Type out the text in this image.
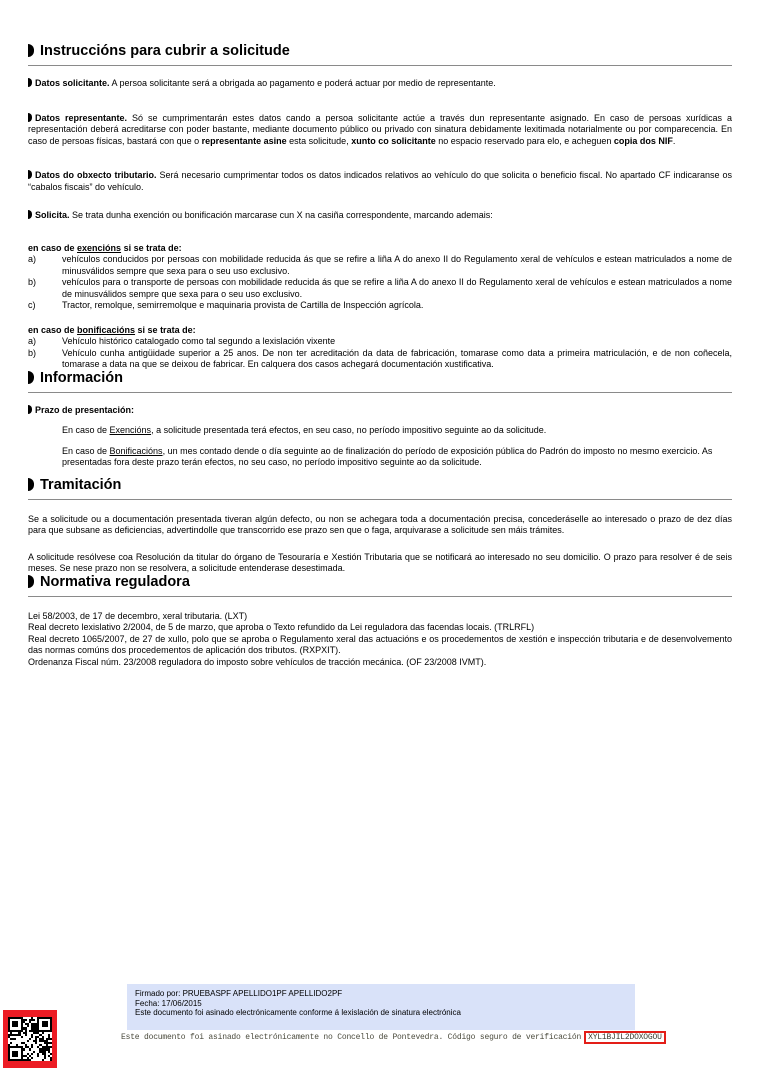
Instruccións para cubrir a solicitude

Datos solicitante. A persoa solicitante será a obrigada ao pagamento e poderá actuar por medio de representante.

Datos representante. Só se cumprimentarán estes datos cando a persoa solicitante actúe a través dun representante asignado. En caso de persoas xurídicas a representación deberá acreditarse con poder bastante, mediante documento público ou privado con sinatura debidamente lexitimada notarialmente ou por comparecencia. En caso de persoas físicas, bastará con que o representante asine esta solicitude, xunto co solicitante no espacio reservado para elo, e acheguen copia dos NIF.

Datos do obxecto tributario. Será necesario cumprimentar todos os datos indicados relativos ao vehículo do que solicita o beneficio fiscal. No apartado CF indicaranse os “cabalos fiscais” do vehículo.

Solicita. Se trata dunha exención ou bonificación marcarase cun X na casiña correspondente, marcando ademais:

en caso de exencións si se trata de:

a)	vehículos conducidos por persoas con mobilidade reducida ás que se refire a liña A do anexo II do Regulamento xeral de vehículos e estean matriculados a nome de minusválidos sempre que sexa para o seu uso exclusivo.
b)	vehículos para o transporte de persoas con mobilidade reducida ás que se refire a liña A do anexo II do Regulamento xeral de vehículos e estean matriculados a nome de minusválidos sempre que sexa para o seu uso exclusivo.
c)	Tractor, remolque, semirremolque e maquinaria provista de Cartilla de Inspección agrícola.

en caso de bonificacións si se trata de:

a)	Vehículo histórico catalogado como tal segundo a lexislación vixente
b)	Vehículo cunha antigüidade superior a 25 anos. De non ter acreditación da data de fabricación, tomarase como data a primeira matriculación, e de non coñecela, tomarase a data na que se deixou de fabricar. En calquera dos casos achegará documentación xustificativa.
Información

Prazo de presentación:

En caso de Exencións, a solicitude presentada terá efectos, en seu caso, no período impositivo seguinte ao da solicitude.

En caso de Bonificacións, un mes contado dende o día seguinte ao de finalización do período de exposición pública do Padrón do imposto no mesmo exercicio. As presentadas fora deste prazo terán efectos, no seu caso, no período impositivo seguinte ao da solicitude.

Tramitación

Se a solicitude ou a documentación presentada tiveran algún defecto, ou non se achegara toda a documentación precisa, concederáselle ao interesado o prazo de dez días para que subsane as deficiencias, advertindolle que transcorrido ese prazo sen que o faga, arquivarase a solicitude sen máis trámites.

A solicitude resólvese coa Resolución da titular do órgano de Tesouraría e Xestión Tributaria que se notificará ao interesado no seu domicilio. O prazo para resolver é de seis meses. Se nese prazo non se resolvera, a solicitude entenderase desestimada.

Normativa reguladora

Lei 58/2003, de 17 de decembro, xeral tributaria. (LXT)

Real decreto lexislativo 2/2004, de 5 de marzo, que aproba o Texto refundido da Lei reguladora das facendas locais. (TRLRFL)

Real decreto 1065/2007, de 27 de xullo, polo que se aproba o Regulamento xeral das actuacións e os procedementos de xestión e inspección tributaria e de desenvolvemento das normas comúns dos procedementos de aplicación dos tributos. (RXPXIT).

Ordenanza Fiscal núm. 23/2008 reguladora do imposto sobre vehículos de tracción mecánica. (OF 23/2008 IVMT).

Firmado por: PRUEBASPF APELLIDO1PF APELLIDO2PF
Fecha: 17/06/2015
Este documento foi asinado electrónicamente conforme á lexislación de sinatura electrónica
Este documento foi asinado electrónicamente no Concello de Pontevedra. Código seguro de verificación XYL1BJIL2DOXOGOU
